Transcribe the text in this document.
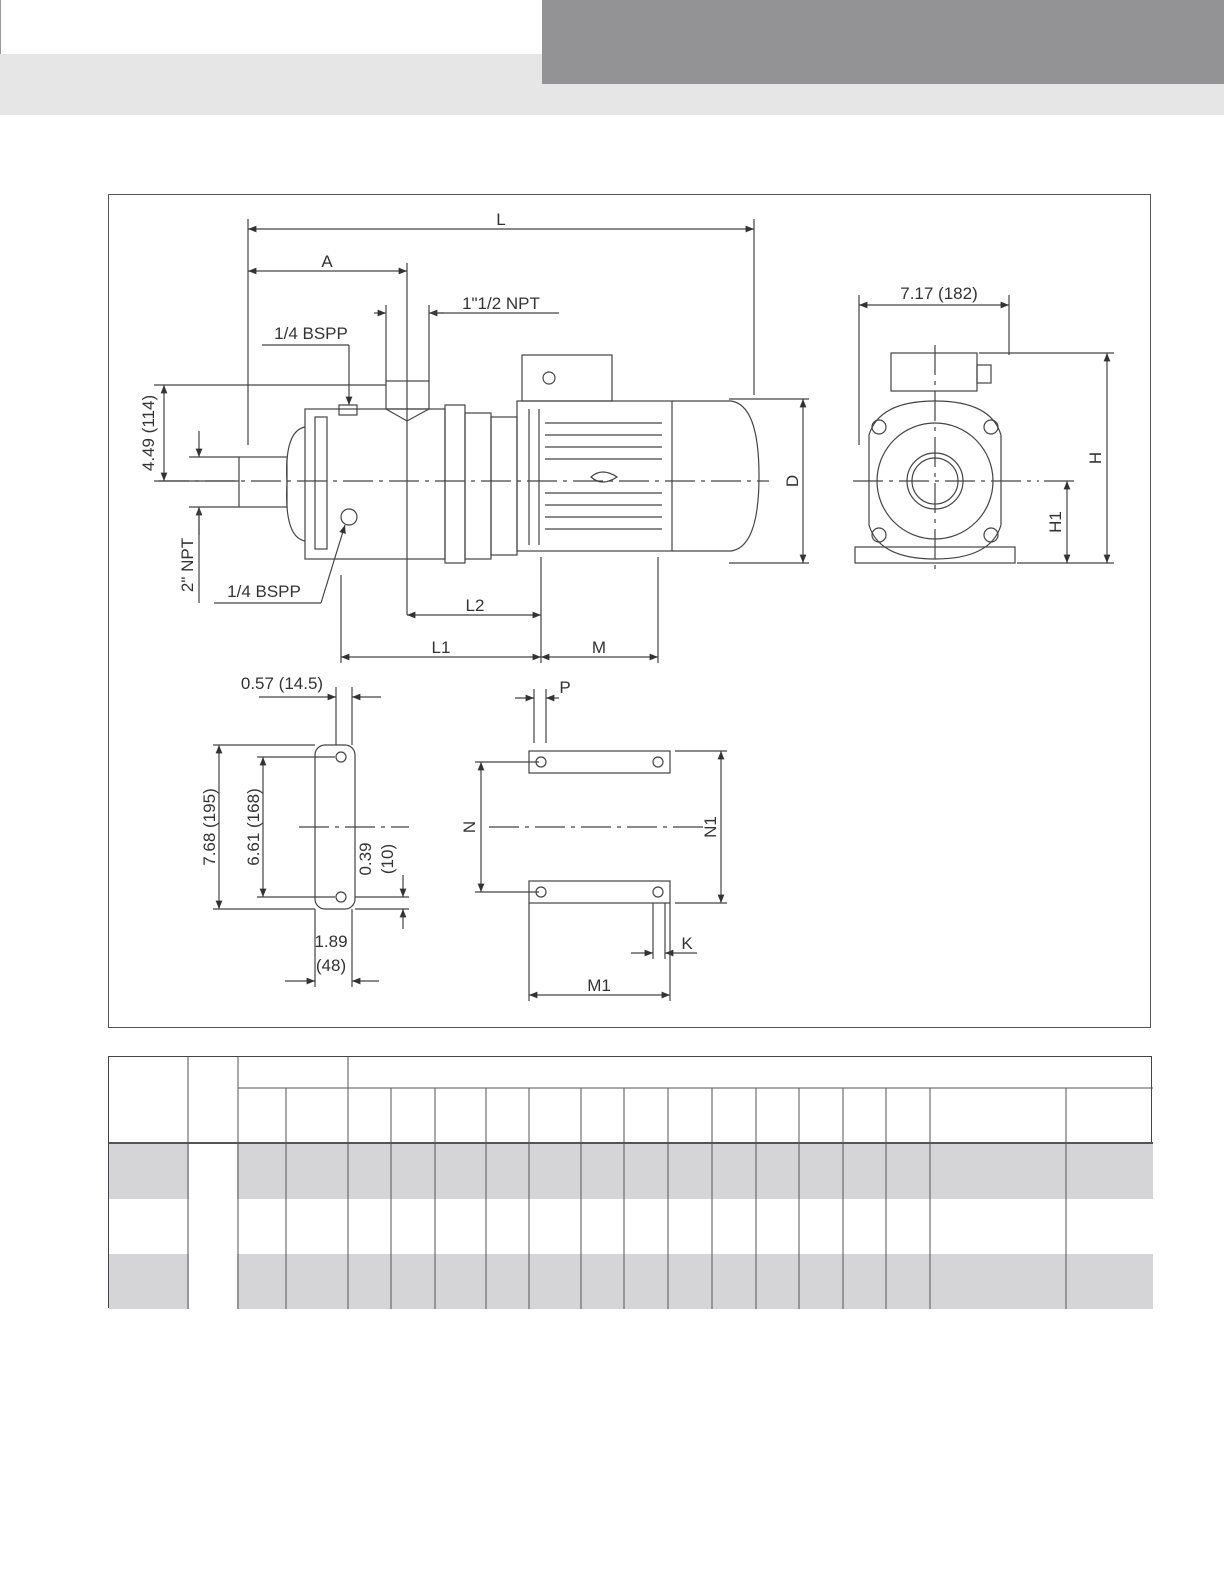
L
A
1"1/2 NPT
1/4 BSPP
4.49 (114)
2" NPT 1/4 BSPP
L2
L1	M
D
7.17 (182)
H
H1
0.57 (14.5)
7.68 (195) 6.61 (168)	0.39 (10)
1.89
(48)
P
N	N1
K
M1
